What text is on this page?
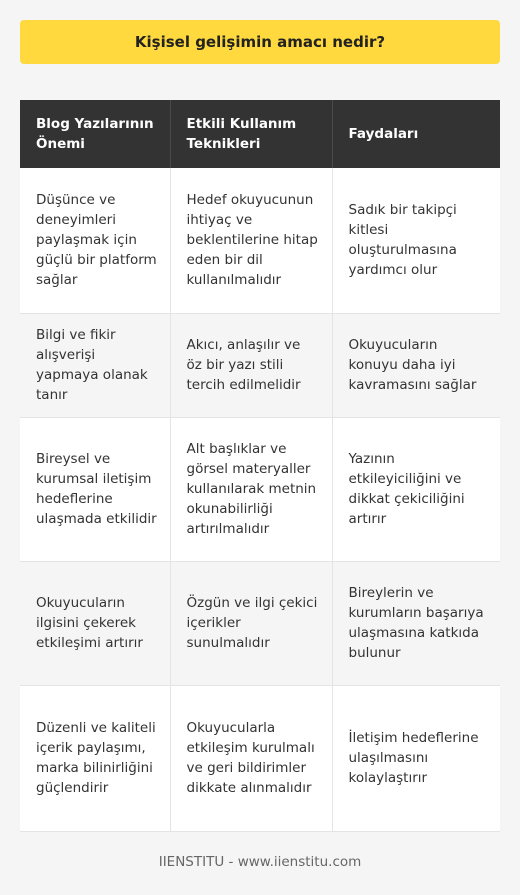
Kişisel gelişimin amacı nedir?
Blog Yazılarının Önemi	Etkili Kullanım Teknikleri	Faydaları
Düşünce ve deneyimleri paylaşmak için güçlü bir platform sağlar	Hedef okuyucunun ihtiyaç ve beklentilerine hitap eden bir dil kullanılmalıdır	Sadık bir takipçi kitlesi oluşturulmasına yardımcı olur
Bilgi ve fikir alışverişi yapmaya olanak tanır	Akıcı, anlaşılır ve öz bir yazı stili tercih edilmelidir	Okuyucuların konuyu daha iyi kavramasını sağlar
Bireysel ve kurumsal iletişim hedeflerine ulaşmada etkilidir	Alt başlıklar ve görsel materyaller kullanılarak metnin okunabilirliği artırılmalıdır	Yazının etkileyiciliğini ve dikkat çekiciliğini artırır
Okuyucuların ilgisini çekerek etkileşimi artırır	Özgün ve ilgi çekici içerikler sunulmalıdır	Bireylerin ve kurumların başarıya ulaşmasına katkıda bulunur
Düzenli ve kaliteli içerik paylaşımı, marka bilinirliğini güçlendirir	Okuyucularla etkileşim kurulmalı ve geri bildirimler dikkate alınmalıdır	İletişim hedeflerine ulaşılmasını kolaylaştırır
IIENSTITU - www.iienstitu.com
